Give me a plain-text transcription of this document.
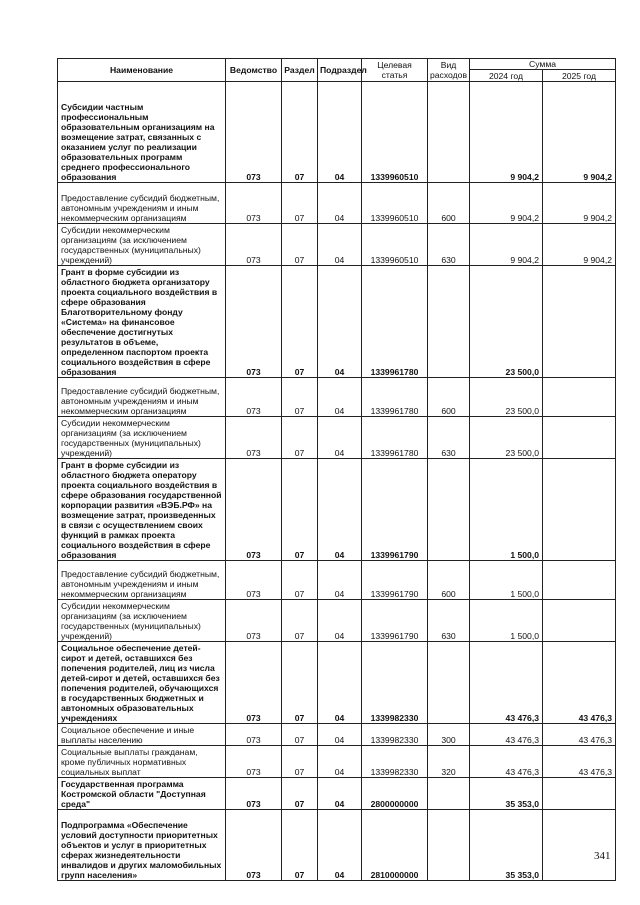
Наименование	Ведомство	Раздел	Подраздел	Целевая статья	Вид расходов	Сумма	
						2024 год	2025 год
Субсидии частным профессиональным образовательным организациям на возмещение затрат, связанных с оказанием услуг по реализации образовательных программ среднего профессионального образования	073	07	04	1339960510		9 904,2	9 904,2
Предоставление субсидий бюджетным, автономным учреждениям и иным некоммерческим организациям	073	07	04	1339960510	600	9 904,2	9 904,2
Субсидии некоммерческим организациям (за исключением государственных (муниципальных) учреждений)	073	07	04	1339960510	630	9 904,2	9 904,2
Грант в форме субсидии из областного бюджета организатору проекта социального воздействия в сфере образования Благотворительному фонду «Система» на финансовое обеспечение достигнутых результатов в объеме, определенном паспортом проекта социального воздействия в сфере образования	073	07	04	1339961780		23 500,0	
Предоставление субсидий бюджетным, автономным учреждениям и иным некоммерческим организациям	073	07	04	1339961780	600	23 500,0	
Субсидии некоммерческим организациям (за исключением государственных (муниципальных) учреждений)	073	07	04	1339961780	630	23 500,0	
Грант в форме субсидии из областного бюджета оператору проекта социального воздействия в сфере образования государственной корпорации развития «ВЭБ.РФ» на возмещение затрат, произведенных в связи с осуществлением своих функций в рамках проекта социального воздействия в сфере образования	073	07	04	1339961790		1 500,0	
Предоставление субсидий бюджетным, автономным учреждениям и иным некоммерческим организациям	073	07	04	1339961790	600	1 500,0	
Субсидии некоммерческим организациям (за исключением государственных (муниципальных) учреждений)	073	07	04	1339961790	630	1 500,0	
Социальное обеспечение детей-сирот и детей, оставшихся без попечения родителей, лиц из числа детей-сирот и детей, оставшихся без попечения родителей, обучающихся в государственных бюджетных и автономных образовательных учреждениях	073	07	04	1339982330		43 476,3	43 476,3
Социальное обеспечение и иные выплаты населению	073	07	04	1339982330	300	43 476,3	43 476,3
Социальные выплаты гражданам, кроме публичных нормативных социальных выплат	073	07	04	1339982330	320	43 476,3	43 476,3
Государственная программа Костромской области "Доступная среда"	073	07	04	2800000000		35 353,0	
Подпрограмма «Обеспечение условий доступности приоритетных объектов и услуг в приоритетных сферах жизнедеятельности инвалидов и других маломобильных групп населения»	073	07	04	2810000000		35 353,0	
341
